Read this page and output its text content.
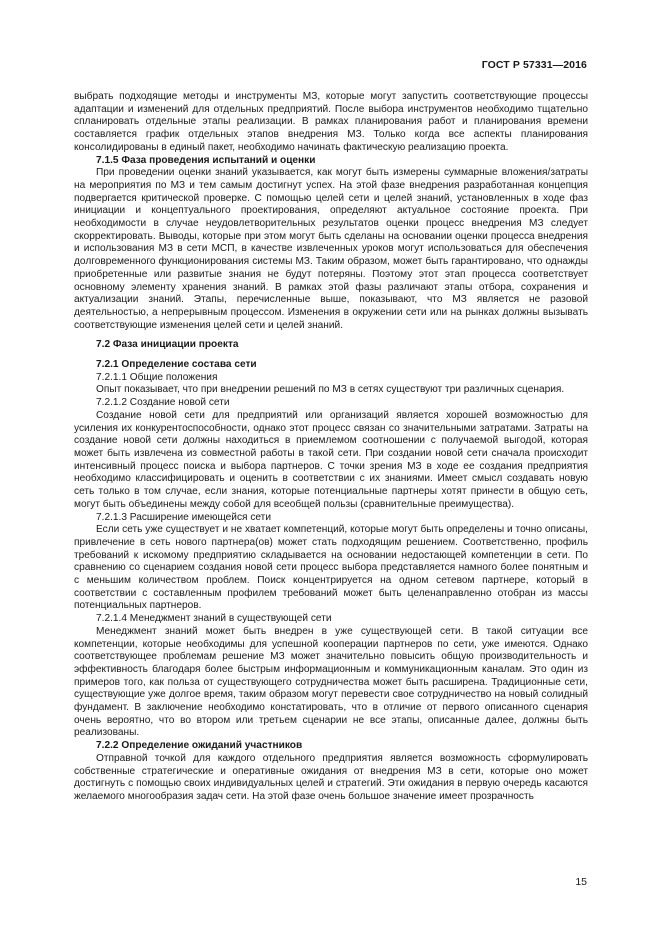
ГОСТ Р 57331—2016

выбрать подходящие методы и инструменты МЗ, которые могут запустить соответствующие процессы адаптации и изменений для отдельных предприятий. После выбора инструментов необходимо тщательно спланировать отдельные этапы реализации. В рамках планирования работ и планирования времени составляется график отдельных этапов внедрения МЗ. Только когда все аспекты планирования консолидированы в единый пакет, необходимо начинать фактическую реализацию проекта.

7.1.5 Фаза проведения испытаний и оценки

При проведении оценки знаний указывается, как могут быть измерены суммарные вложения/затраты на мероприятия по МЗ и тем самым достигнут успех. На этой фазе внедрения разработанная концепция подвергается критической проверке. С помощью целей сети и целей знаний, установленных в ходе фаз инициации и концептуального проектирования, определяют актуальное состояние проекта. При необходимости в случае неудовлетворительных результатов оценки процесс внедрения МЗ следует скорректировать. Выводы, которые при этом могут быть сделаны на основании оценки процесса внедрения и использования МЗ в сети МСП, в качестве извлеченных уроков могут использоваться для обеспечения долговременного функционирования системы МЗ. Таким образом, может быть гарантировано, что однажды приобретенные или развитые знания не будут потеряны. Поэтому этот этап процесса соответствует основному элементу хранения знаний. В рамках этой фазы различают этапы отбора, сохранения и актуализации знаний. Этапы, перечисленные выше, показывают, что МЗ является не разовой деятельностью, а непрерывным процессом. Изменения в окружении сети или на рынках должны вызывать соответствующие изменения целей сети и целей знаний.

7.2 Фаза инициации проекта

7.2.1 Определение состава сети

7.2.1.1 Общие положения

Опыт показывает, что при внедрении решений по МЗ в сетях существуют три различных сценария.

7.2.1.2 Создание новой сети

Создание новой сети для предприятий или организаций является хорошей возможностью для усиления их конкурентоспособности, однако этот процесс связан со значительными затратами. Затраты на создание новой сети должны находиться в приемлемом соотношении с получаемой выгодой, которая может быть извлечена из совместной работы в такой сети. При создании новой сети сначала происходит интенсивный процесс поиска и выбора партнеров. С точки зрения МЗ в ходе ее создания предприятия необходимо классифицировать и оценить в соответствии с их знаниями. Имеет смысл создавать новую сеть только в том случае, если знания, которые потенциальные партнеры хотят принести в общую сеть, могут быть объединены между собой для всеобщей пользы (сравнительные преимущества).

7.2.1.3 Расширение имеющейся сети

Если сеть уже существует и не хватает компетенций, которые могут быть определены и точно описаны, привлечение в сеть нового партнера(ов) может стать подходящим решением. Соответственно, профиль требований к искомому предприятию складывается на основании недостающей компетенции в сети. По сравнению со сценарием создания новой сети процесс выбора представляется намного более понятным и с меньшим количеством проблем. Поиск концентрируется на одном сетевом партнере, который в соответствии с составленным профилем требований может быть целенаправленно отобран из массы потенциальных партнеров.

7.2.1.4 Менеджмент знаний в существующей сети

Менеджмент знаний может быть внедрен в уже существующей сети. В такой ситуации все компетенции, которые необходимы для успешной кооперации партнеров по сети, уже имеются. Однако соответствующее проблемам решение МЗ может значительно повысить общую производительность и эффективность благодаря более быстрым информационным и коммуникационным каналам. Это один из примеров того, как польза от существующего сотрудничества может быть расширена. Традиционные сети, существующие уже долгое время, таким образом могут перевести свое сотрудничество на новый солидный фундамент. В заключение необходимо констатировать, что в отличие от первого описанного сценария очень вероятно, что во втором или третьем сценарии не все этапы, описанные далее, должны быть реализованы.

7.2.2 Определение ожиданий участников

Отправной точкой для каждого отдельного предприятия является возможность сформулировать собственные стратегические и оперативные ожидания от внедрения МЗ в сети, которые оно может достигнуть с помощью своих индивидуальных целей и стратегий. Эти ожидания в первую очередь касаются желаемого многообразия задач сети. На этой фазе очень большое значение имеет прозрачность

15
